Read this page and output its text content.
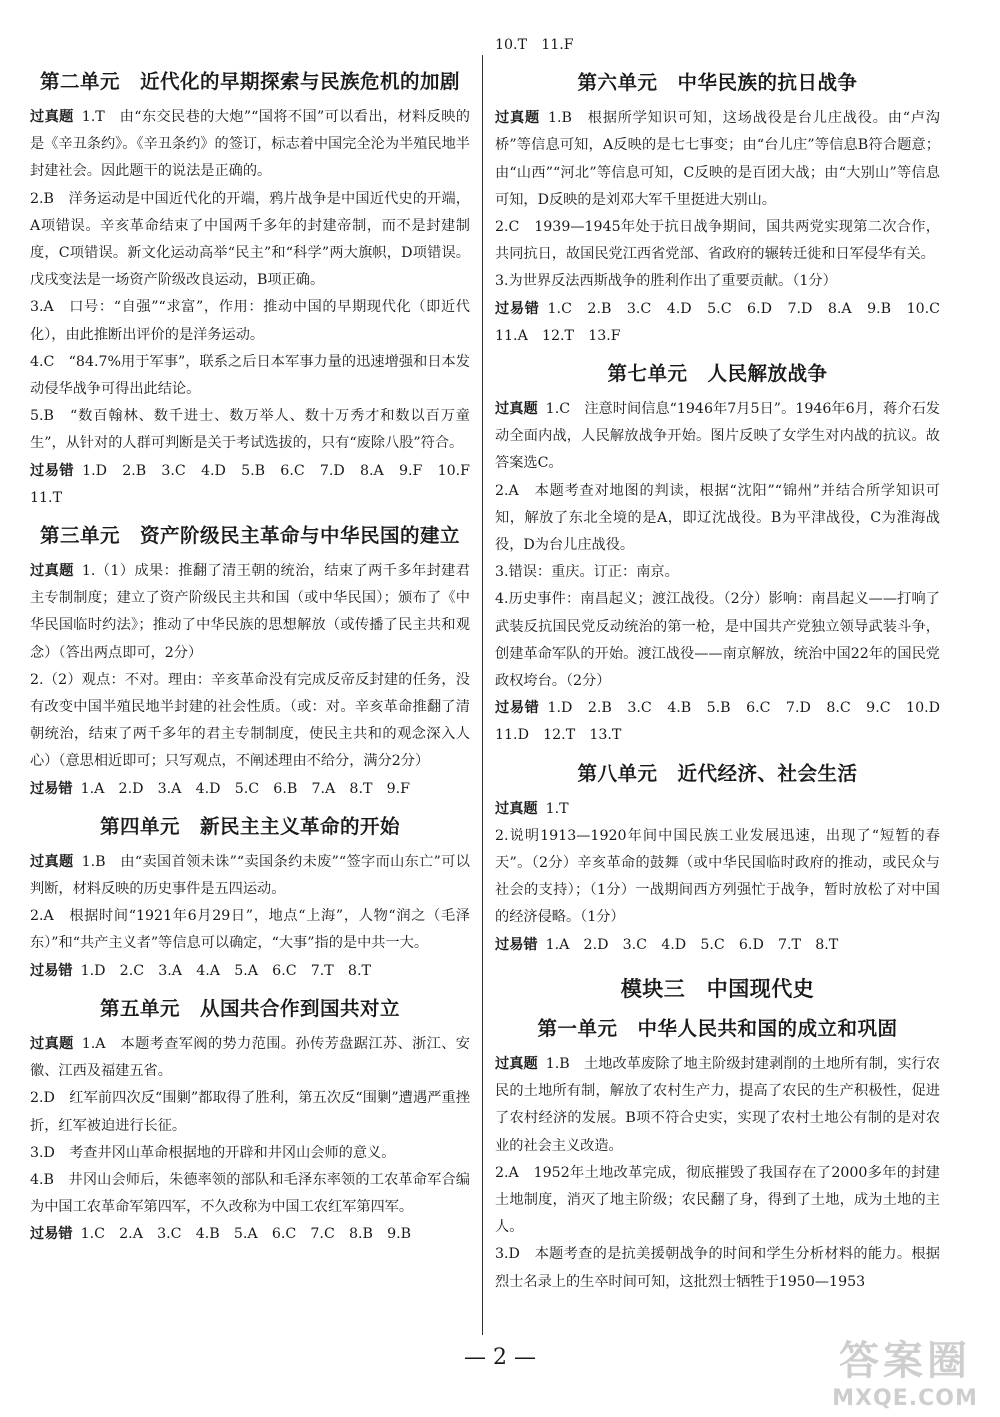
第二单元　近代化的早期探索与民族危机的加剧

过真题 1.T　由“东交民巷的大炮”“国将不国”可以看出，材料反映的是《辛丑条约》。《辛丑条约》的签订，标志着中国完全沦为半殖民地半封建社会。因此题干的说法是正确的。

2.B　洋务运动是中国近代化的开端，鸦片战争是中国近代史的开端，A项错误。辛亥革命结束了中国两千多年的封建帝制，而不是封建制度，C项错误。新文化运动高举“民主”和“科学”两大旗帜，D项错误。戊戌变法是一场资产阶级改良运动，B项正确。

3.A　口号：“自强”“求富”，作用：推动中国的早期现代化（即近代化），由此推断出评价的是洋务运动。

4.C　“84.7%用于军事”，联系之后日本军事力量的迅速增强和日本发动侵华战争可得出此结论。

5.B　“数百翰林、数千进士、数万举人、数十万秀才和数以百万童生”，从针对的人群可判断是关于考试选拔的，只有“废除八股”符合。

过易错 1.D　2.B　3.C　4.D　5.B　6.C　7.D　8.A　9.F　10.F　11.T

第三单元　资产阶级民主革命与中华民国的建立

过真题 1.（1）成果：推翻了清王朝的统治，结束了两千多年封建君主专制制度；建立了资产阶级民主共和国（或中华民国）；颁布了《中华民国临时约法》；推动了中华民族的思想解放（或传播了民主共和观念）（答出两点即可，2分）

2.（2）观点：不对。理由：辛亥革命没有完成反帝反封建的任务，没有改变中国半殖民地半封建的社会性质。（或：对。辛亥革命推翻了清朝统治，结束了两千多年的君主专制制度，使民主共和的观念深入人心）（意思相近即可；只写观点，不阐述理由不给分，满分2分）

过易错 1.A　2.D　3.A　4.D　5.C　6.B　7.A　8.T　9.F

第四单元　新民主主义革命的开始

过真题 1.B　由“卖国首领未诛”“卖国条约未废”“签字而山东亡”可以判断，材料反映的历史事件是五四运动。

2.A　根据时间“1921年6月29日”，地点“上海”，人物“润之（毛泽东）”和“共产主义者”等信息可以确定，“大事”指的是中共一大。

过易错 1.D　2.C　3.A　4.A　5.A　6.C　7.T　8.T

第五单元　从国共合作到国共对立

过真题 1.A　本题考查军阀的势力范围。孙传芳盘踞江苏、浙江、安徽、江西及福建五省。

2.D　红军前四次反“围剿”都取得了胜利，第五次反“围剿”遭遇严重挫折，红军被迫进行长征。

3.D　考查井冈山革命根据地的开辟和井冈山会师的意义。

4.B　井冈山会师后，朱德率领的部队和毛泽东率领的工农革命军合编为中国工农革命军第四军，不久改称为中国工农红军第四军。

过易错 1.C　2.A　3.C　4.B　5.A　6.C　7.C　8.B　9.B

10.T　11.F

第六单元　中华民族的抗日战争

过真题 1.B　根据所学知识可知，这场战役是台儿庄战役。由“卢沟桥”等信息可知，A反映的是七七事变；由“台儿庄”等信息B符合题意；由“山西”“河北”等信息可知，C反映的是百团大战；由“大别山”等信息可知，D反映的是刘邓大军千里挺进大别山。

2.C　1939—1945年处于抗日战争期间，国共两党实现第二次合作，共同抗日，故国民党江西省党部、省政府的辗转迁徙和日军侵华有关。

3.为世界反法西斯战争的胜利作出了重要贡献。（1分）

过易错 1.C　2.B　3.C　4.D　5.C　6.D　7.D　8.A　9.B　10.C　11.A　12.T　13.F

第七单元　人民解放战争

过真题 1.C　注意时间信息“1946年7月5日”。1946年6月，蒋介石发动全面内战，人民解放战争开始。图片反映了女学生对内战的抗议。故答案选C。

2.A　本题考查对地图的判读，根据“沈阳”“锦州”并结合所学知识可知，解放了东北全境的是A，即辽沈战役。B为平津战役，C为淮海战役，D为台儿庄战役。

3.错误：重庆。订正：南京。

4.历史事件：南昌起义；渡江战役。（2分）影响：南昌起义——打响了武装反抗国民党反动统治的第一枪，是中国共产党独立领导武装斗争，创建革命军队的开始。渡江战役——南京解放，统治中国22年的国民党政权垮台。（2分）

过易错 1.D　2.B　3.C　4.B　5.B　6.C　7.D　8.C　9.C　10.D　11.D　12.T　13.T

第八单元　近代经济、社会生活

过真题 1.T

2.说明1913—1920年间中国民族工业发展迅速，出现了“短暂的春天”。（2分）辛亥革命的鼓舞（或中华民国临时政府的推动，或民众与社会的支持）；（1分）一战期间西方列强忙于战争，暂时放松了对中国的经济侵略。（1分）

过易错 1.A　2.D　3.C　4.D　5.C　6.D　7.T　8.T

模块三　中国现代史
第一单元　中华人民共和国的成立和巩固

过真题 1.B　土地改革废除了地主阶级封建剥削的土地所有制，实行农民的土地所有制，解放了农村生产力，提高了农民的生产积极性，促进了农村经济的发展。B项不符合史实，实现了农村土地公有制的是对农业的社会主义改造。

2.A　1952年土地改革完成，彻底摧毁了我国存在了2000多年的封建土地制度，消灭了地主阶级；农民翻了身，得到了土地，成为土地的主人。

3.D　本题考查的是抗美援朝战争的时间和学生分析材料的能力。根据烈士名录上的生卒时间可知，这批烈士牺牲于1950—1953

— 2 —	答案圈
MXQE.COM
